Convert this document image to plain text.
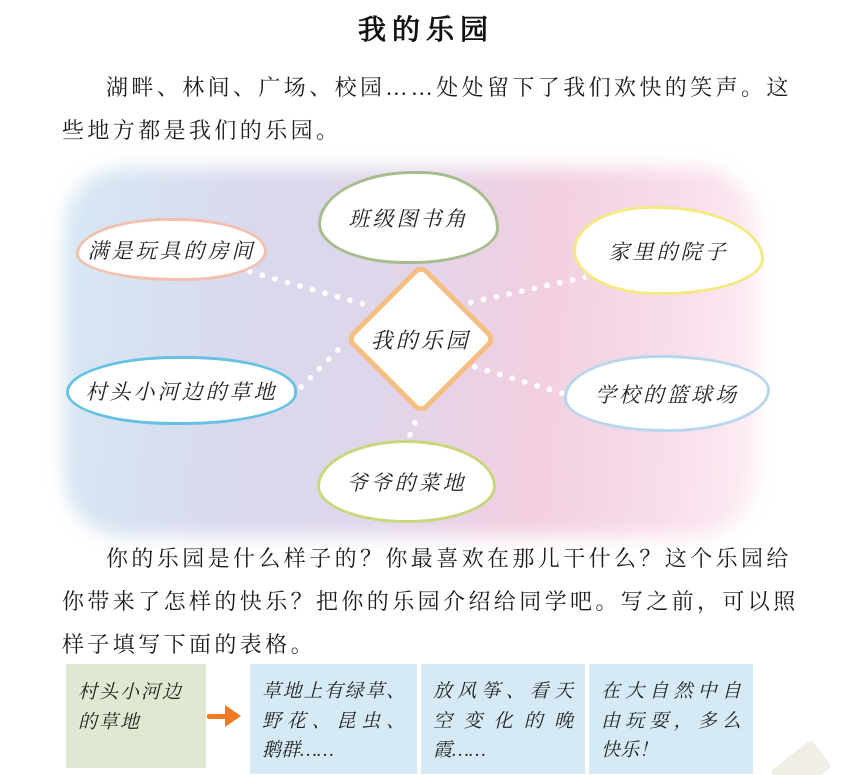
我的乐园
湖畔、林间、广场、校园……处处留下了我们欢快的笑声。这
些地方都是我们的乐园。
班级图书角
满是玩具的房间	家里的院子
村头小河边的草地	学校的篮球场
爷爷的菜地
我的乐园
你的乐园是什么样子的？你最喜欢在那儿干什么？这个乐园给
你带来了怎样的快乐？把你的乐园介绍给同学吧。写之前，可以照
样子填写下面的表格。
村头小河边
的草地
草地上有绿草、
野花、昆虫、
鹅群……
放风筝、看天
空变化的晚
霞……
在大自然中自
由玩耍，多么
快乐！
